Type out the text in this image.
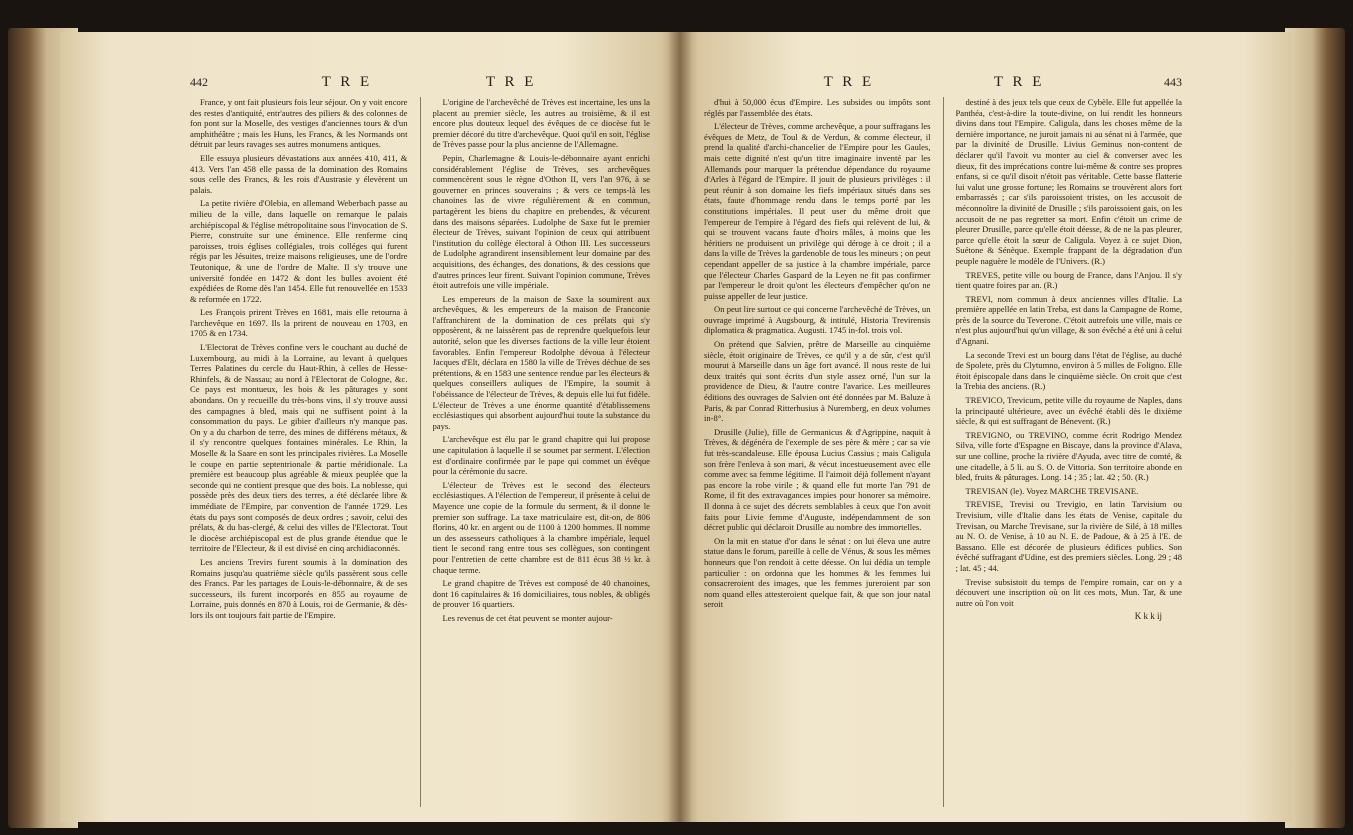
442	T R E	T R E

France, y ont fait plusieurs fois leur séjour. On y voit encore des restes d'antiquité, entr'autres des piliers & des colonnes de fon pont sur la Moselle, des vestiges d'anciennes tours & d'un amphithéâtre ; mais les Huns, les Francs, & les Normands ont détruit par leurs ravages ses autres monumens antiques.

Elle essuya plusieurs dévastations aux années 410, 411, & 413. Vers l'an 458 elle passa de la domination des Romains sous celle des Francs, & les rois d'Austrasie y élevèrent un palais.

La petite rivière d'Olebia, en allemand Weberbach passe au milieu de la ville, dans laquelle on remarque le palais archiépiscopal & l'église métropolitaine sous l'invocation de S. Pierre, construite sur une éminence. Elle renferme cinq paroisses, trois églises collégiales, trois colléges qui furent régis par les Jésuites, treize maisons religieuses, une de l'ordre Teutonique, & une de l'ordre de Malte. Il s'y trouve une université fondée en 1472 & dont les bulles avoient été expédiées de Rome dès l'an 1454. Elle fut renouvellée en 1533 & reformée en 1722.

Les François prirent Trèves en 1681, mais elle retourna à l'archevêque en 1697. Ils la prirent de nouveau en 1703, en 1705 & en 1734.

L'Electorat de Trèves confine vers le couchant au duché de Luxembourg, au midi à la Lorraine, au levant à quelques Terres Palatines du cercle du Haut-Rhin, à celles de Hesse-Rhinfels, & de Nassau; au nord à l'Electorat de Cologne, &c. Ce pays est montueux, les bois & les pâturages y sont abondans. On y recueille du très-bons vins, il s'y trouve aussi des campagnes à bled, mais qui ne suffisent point à la consommation du pays. Le gibier d'ailleurs n'y manque pas. On y a du charbon de terre, des mines de différens métaux, & il s'y rencontre quelques fontaines minérales. Le Rhin, la Moselle & la Saare en sont les principales rivières. La Moselle le coupe en partie septentrionale & partie méridionale. La première est beaucoup plus agréable & mieux peuplée que la seconde qui ne contient presque que des bois. La noblesse, qui possède près des deux tiers des terres, a été déclarée libre & immédiate de l'Empire, par convention de l'année 1729. Les états du pays sont composés de deux ordres ; savoir, celui des prélats, & du bas-clergé, & celui des villes de l'Electorat. Tout le diocèse archiépiscopal est de plus grande étendue que le territoire de l'Electeur, & il est divisé en cinq archidiaconnés.

Les anciens Trevirs furent soumis à la domination des Romains jusqu'au quatrième siècle qu'ils passèrent sous celle des Francs. Par les partages de Louis-le-débonnaire, & de ses successeurs, ils furent incorporés en 855 au royaume de Lorraine, puis donnés en 870 à Louis, roi de Germanie, & dès-lors ils ont toujours fait partie de l'Empire.

L'origine de l'archevêché de Trèves est incertaine, les uns la placent au premier siècle, les autres au troisième, & il est encore plus douteux lequel des évêques de ce diocèse fut le premier décoré du titre d'archevêque. Quoi qu'il en soit, l'église de Trèves passe pour la plus ancienne de l'Allemagne.

Pepin, Charlemagne & Louis-le-débonnaire ayant enrichi considérablement l'église de Trèves, ses archevêques commencèrent sous le règne d'Othon II, vers l'an 976, à se gouverner en princes souverains ; & vers ce temps-là les chanoines las de vivre régulièrement & en commun, partagèrent les biens du chapitre en prebendes, & vécurent dans des maisons séparées. Ludolphe de Saxe fut le premier électeur de Trèves, suivant l'opinion de ceux qui attribuent l'institution du collège électoral à Othon III. Les successeurs de Ludolphe agrandirent insensiblement leur domaine par des acquisitions, des échanges, des donations, & des cessions que d'autres princes leur firent. Suivant l'opinion commune, Trèves étoit autrefois une ville impériale.

Les empereurs de la maison de Saxe la soumirent aux archevêques, & les empereurs de la maison de Franconie l'affranchirent de la domination de ces prélats qui s'y opposèrent, & ne laissèrent pas de reprendre quelquefois leur autorité, selon que les diverses factions de la ville leur étoient favorables. Enfin l'empereur Rodolphe dévoua à l'électeur Jacques d'Elt, déclara en 1580 la ville de Trèves déchue de ses prétentions, & en 1583 une sentence rendue par les électeurs & quelques conseillers auliques de l'Empire, la soumit à l'obéissance de l'électeur de Trèves, & depuis elle lui fut fidèle. L'électeur de Trèves a une énorme quantité d'établissemens ecclésiastiques qui absorbent aujourd'hui toute la substance du pays.

L'archevêque est élu par le grand chapitre qui lui propose une capitulation à laquelle il se soumet par serment. L'élection est d'ordinaire confirmée par le pape qui commet un évêque pour la cérémonie du sacre.

L'électeur de Trèves est le second des électeurs ecclésiastiques. A l'élection de l'empereur, il présente à celui de Mayence une copie de la formule du serment, & il donne le premier son suffrage. La taxe matriculaire est, dit-on, de 806 florins, 40 kr. en argent ou de 1100 à 1200 hommes. Il nomme un des assesseurs catholiques à la chambre impériale, lequel tient le second rang entre tous ses collègues, son contingent pour l'entretien de cette chambre est de 811 écus 38 ½ kr. à chaque terme.

Le grand chapitre de Trèves est composé de 40 chanoines, dont 16 capitulaires & 16 domiciliaires, tous nobles, & obligés de prouver 16 quartiers.

Les revenus de cet état peuvent se monter aujour-

T R E	T R E	443

d'hui à 50,000 écus d'Empire. Les subsides ou impôts sont réglés par l'assemblée des états.

L'électeur de Trèves, comme archevêque, a pour suffragans les évêques de Metz, de Toul & de Verdun, & comme électeur, il prend la qualité d'archi-chancelier de l'Empire pour les Gaules, mais cette dignité n'est qu'un titre imaginaire inventé par les Allemands pour marquer la prétendue dépendance du royaume d'Arles à l'égard de l'Empire. Il jouit de plusieurs privilèges : il peut réunir à son domaine les fiefs impériaux situés dans ses états, faute d'hommage rendu dans le temps porté par les constitutions impériales. Il peut user du même droit que l'empereur de l'empire à l'égard des fiefs qui relèvent de lui, & qui se trouvent vacans faute d'hoirs mâles, à moins que les héritiers ne produisent un privilège qui déroge à ce droit ; il a dans la ville de Trèves la gardenoble de tous les mineurs ; on peut cependant appeller de sa justice à la chambre impériale, parce que l'électeur Charles Gaspard de la Leyen ne fit pas confirmer par l'empereur le droit qu'ont les électeurs d'empêcher qu'on ne puisse appeller de leur justice.

On peut lire surtout ce qui concerne l'archevêché de Trèves, un ouvrage imprimé à Augsbourg, & intitulé, Historia Trevirensis diplomatica & pragmatica. Augusti. 1745 in-fol. trois vol.

On prétend que Salvien, prêtre de Marseille au cinquième siècle, étoit originaire de Trèves, ce qu'il y a de sûr, c'est qu'il mourut à Marseille dans un âge fort avancé. Il nous reste de lui deux traités qui sont écrits d'un style assez orné, l'un sur la providence de Dieu, & l'autre contre l'avarice. Les meilleures éditions des ouvrages de Salvien ont été données par M. Baluze à Paris, & par Conrad Ritterhusius à Nuremberg, en deux volumes in-8°.

Drusille (Julie), fille de Germanicus & d'Agrippine, naquit à Trèves, & dégénéra de l'exemple de ses père & mère ; car sa vie fut très-scandaleuse. Elle épousa Lucius Cassius ; mais Caligula son frère l'enleva à son mari, & vécut incestueusement avec elle comme avec sa femme légitime. Il l'aimoit déjà follement n'ayant pas encore la robe virile ; & quand elle fut morte l'an 791 de Rome, il fit des extravagances impies pour honorer sa mémoire. Il donna à ce sujet des décrets semblables à ceux que l'on avoit faits pour Livie femme d'Auguste, indépendamment de son décret public qui déclaroit Drusille au nombre des immortelles.

On la mit en statue d'or dans le sénat : on lui éleva une autre statue dans le forum, pareille à celle de Vénus, & sous les mêmes honneurs que l'on rendoit à cette déesse. On lui dédia un temple particulier : on ordonna que les hommes & les femmes lui consacreroient des images, que les femmes jureroient par son nom quand elles attesteroient quelque fait, & que son jour natal seroit

destiné à des jeux tels que ceux de Cybèle. Elle fut appellée la Panthéa, c'est-à-dire la toute-divine, on lui rendit les honneurs divins dans tout l'Empire. Caligula, dans les choses même de la dernière importance, ne juroit jamais ni au sénat ni à l'armée, que par la divinité de Drusille. Livius Geminus non-content de déclarer qu'il l'avoit vu monter au ciel & converser avec les dieux, fit des imprécations contre lui-même & contre ses propres enfans, si ce qu'il disoit n'étoit pas véritable. Cette basse flatterie lui valut une grosse fortune; les Romains se trouvèrent alors fort embarrassés ; car s'ils paroissoient tristes, on les accusoit de méconnoître la divinité de Drusille ; s'ils paroissoient gais, on les accusoit de ne pas regretter sa mort. Enfin c'étoit un crime de pleurer Drusille, parce qu'elle étoit déesse, & de ne la pas pleurer, parce qu'elle étoit la sœur de Caligula. Voyez à ce sujet Dion, Suétone & Sénèque. Exemple frappant de la dégradation d'un peuple naguère le modèle de l'Univers. (R.)

TREVES, petite ville ou bourg de France, dans l'Anjou. Il s'y tient quatre foires par an. (R.)

TREVI, nom commun à deux anciennes villes d'Italie. La première appellée en latin Treba, est dans la Campagne de Rome, près de la source du Teverone. C'étoit autrefois une ville, mais ce n'est plus aujourd'hui qu'un village, & son évêché a été uni à celui d'Agnani.

La seconde Trevi est un bourg dans l'état de l'église, au duché de Spolete, près du Clytumno, environ à 5 milles de Foligno. Elle étoit épiscopale dans dans le cinquième siècle. On croit que c'est la Trebia des anciens. (R.)

TREVICO, Trevicum, petite ville du royaume de Naples, dans la principauté ultérieure, avec un évêché établi dès le dixième siècle, & qui est suffragant de Bénevent. (R.)

TREVIGNO, ou TREVINO, comme écrit Rodrigo Mendez Silva, ville forte d'Espagne en Biscaye, dans la province d'Alava, sur une colline, proche la rivière d'Ayuda, avec titre de comté, & une citadelle, à 5 li. au S. O. de Vittoria. Son territoire abonde en bled, fruits & pâturages. Long. 14 ; 35 ; lat. 42 ; 50. (R.)

TREVISAN (le). Voyez MARCHE TREVISANE.

TREVISE, Trevisi ou Trevigio, en latin Tarvisium ou Trevisium, ville d'Italie dans les états de Venise, capitale du Trevisan, ou Marche Trevisane, sur la rivière de Silé, à 18 milles au N. O. de Venise, à 10 au N. E. de Padoue, & à 25 à l'E. de Bassano. Elle est décorée de plusieurs édifices publics. Son évêché suffragant d'Udine, est des premiers siècles. Long. 29 ; 48 ; lat. 45 ; 44.

Trevise subsistoit du temps de l'empire romain, car on y a découvert une inscription où on lit ces mots, Mun. Tar, & une autre où l'on voit

K k k ij
